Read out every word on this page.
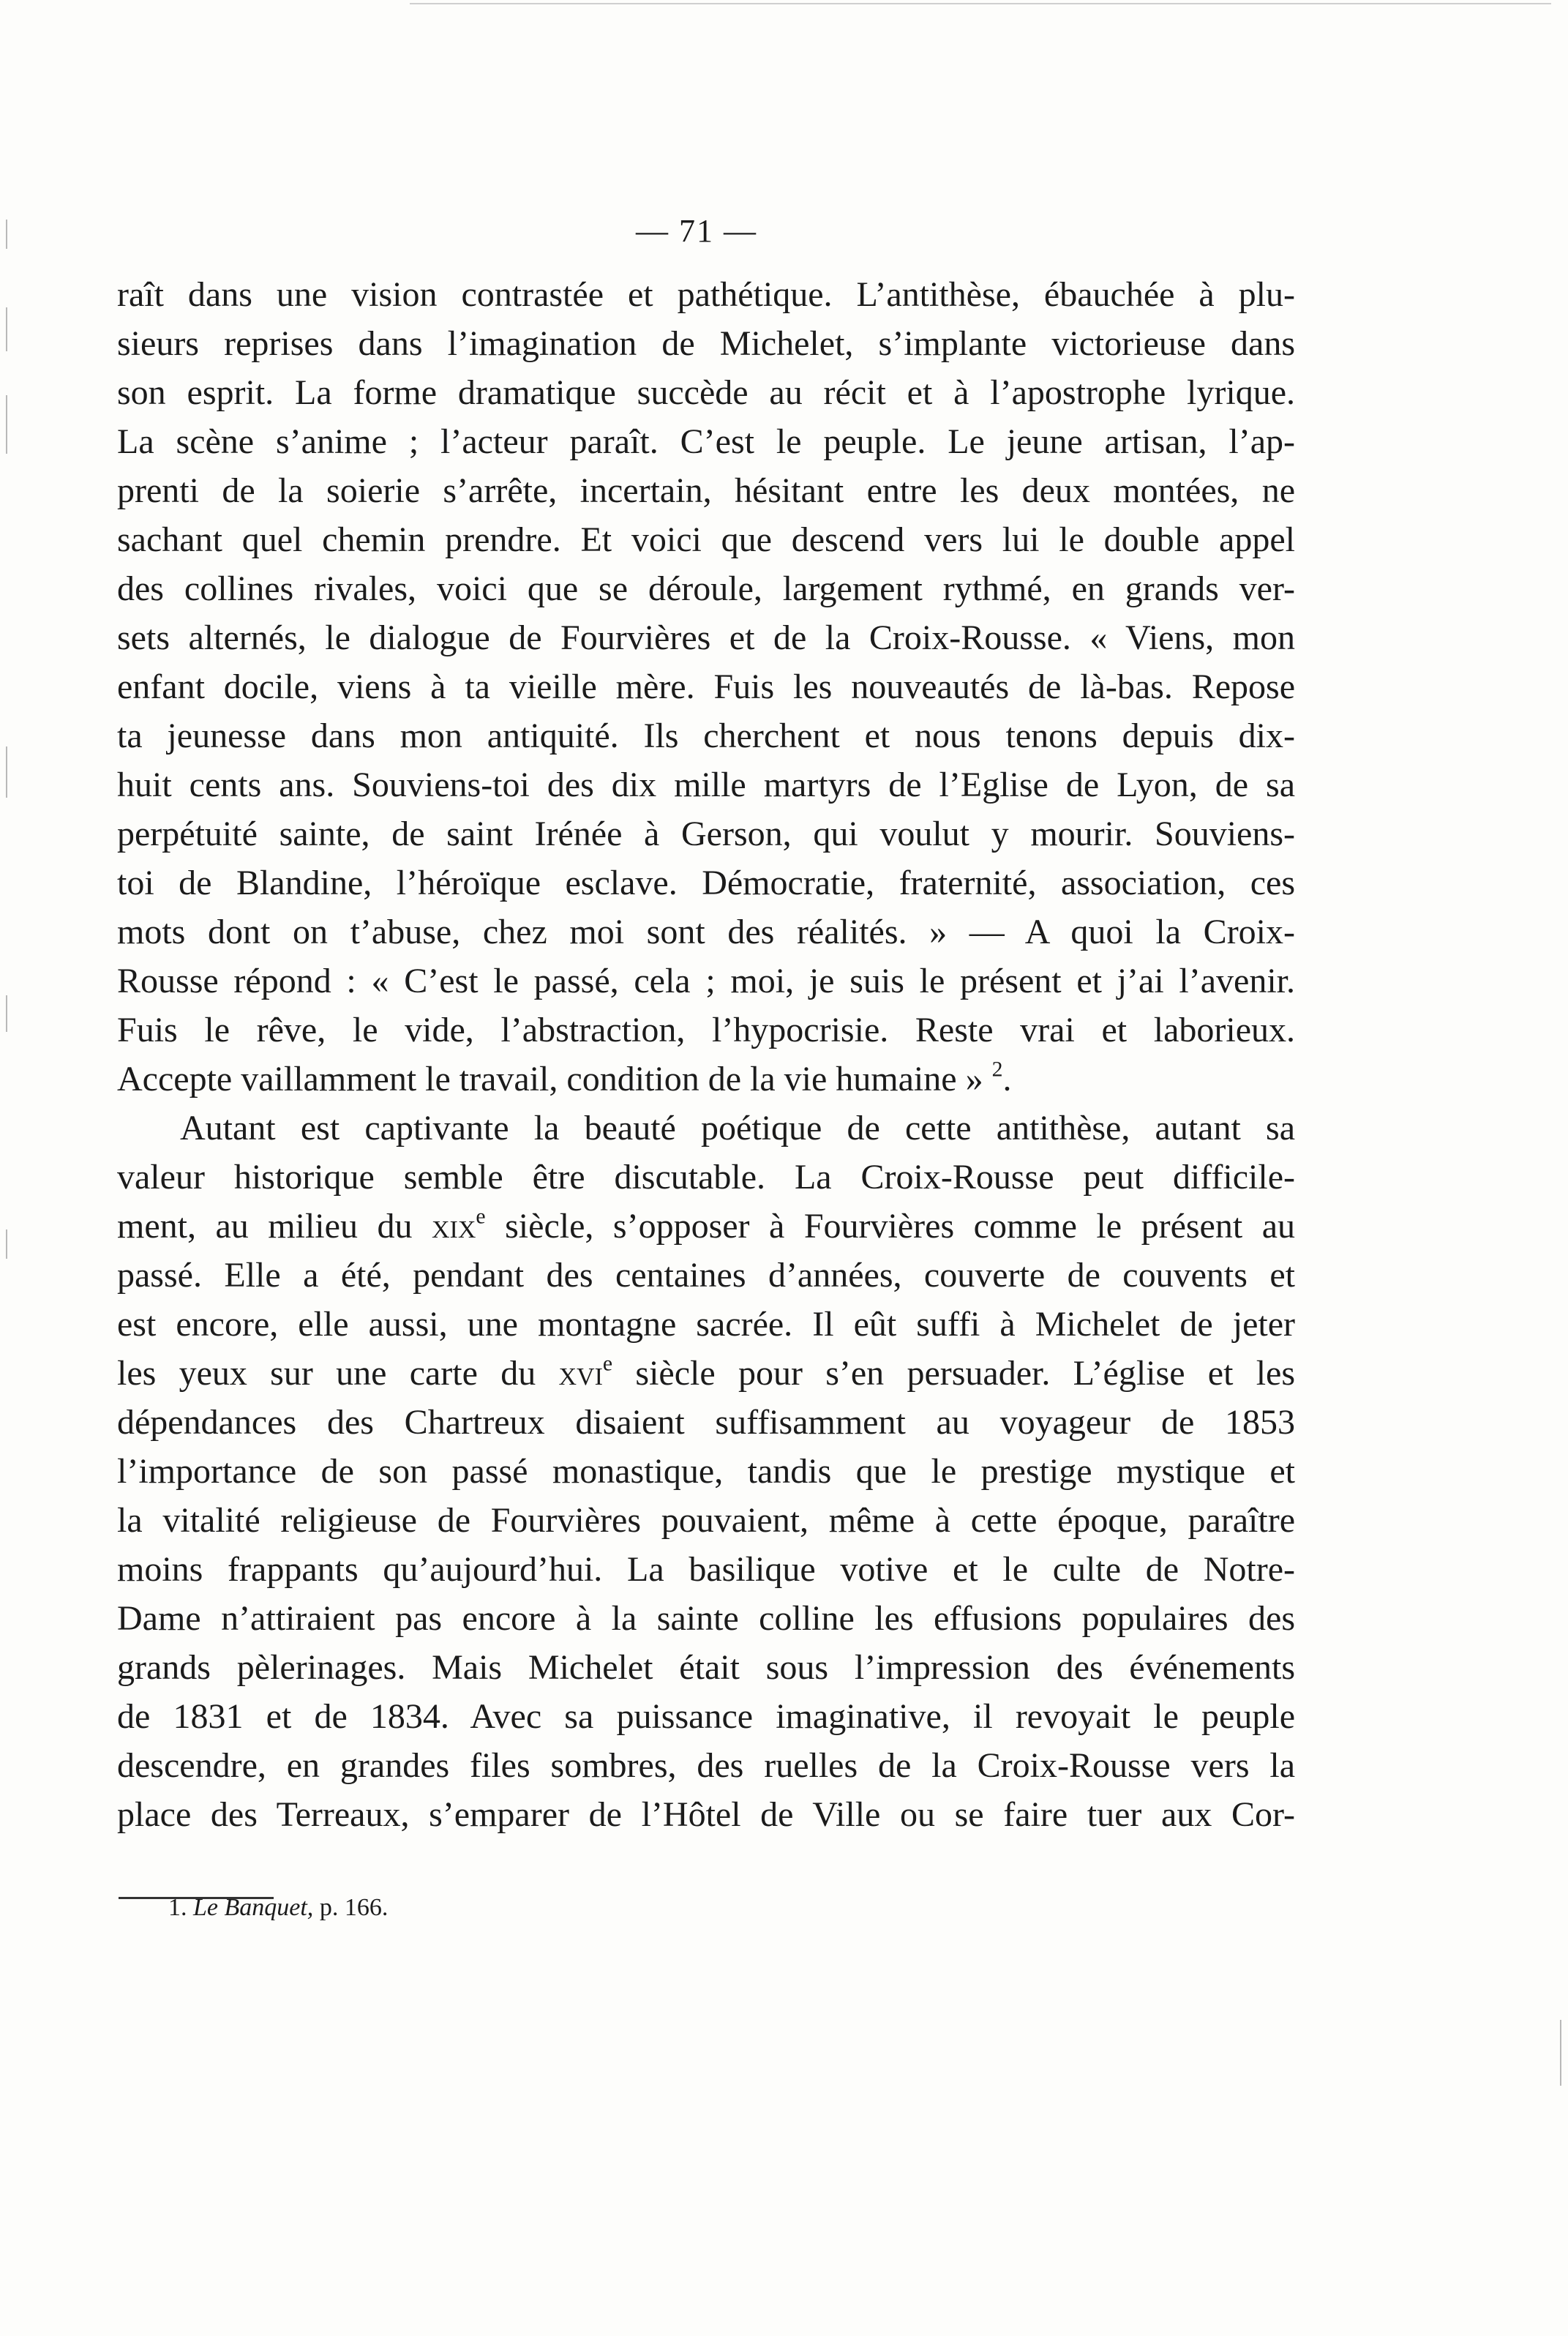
— 71 —
raît dans une vision contrastée et pathétique. L’antithèse, ébauchée à plu-
sieurs reprises dans l’imagination de Michelet, s’implante victorieuse dans
son esprit. La forme dramatique succède au récit et à l’apostrophe lyrique.
La scène s’anime ; l’acteur paraît. C’est le peuple. Le jeune artisan, l’ap-
prenti de la soierie s’arrête, incertain, hésitant entre les deux montées, ne
sachant quel chemin prendre. Et voici que descend vers lui le double appel
des collines rivales, voici que se déroule, largement rythmé, en grands ver-
sets alternés, le dialogue de Fourvières et de la Croix-Rousse. « Viens, mon
enfant docile, viens à ta vieille mère. Fuis les nouveautés de là-bas. Repose
ta jeunesse dans mon antiquité. Ils cherchent et nous tenons depuis dix-
huit cents ans. Souviens-toi des dix mille martyrs de l’Eglise de Lyon, de sa
perpétuité sainte, de saint Irénée à Gerson, qui voulut y mourir. Souviens-
toi de Blandine, l’héroïque esclave. Démocratie, fraternité, association, ces
mots dont on t’abuse, chez moi sont des réalités. » — A quoi la Croix-
Rousse répond : « C’est le passé, cela ; moi, je suis le présent et j’ai l’avenir.
Fuis le rêve, le vide, l’abstraction, l’hypocrisie. Reste vrai et laborieux.
Accepte vaillamment le travail, condition de la vie humaine » $^2$.
Autant est captivante la beauté poétique de cette antithèse, autant sa
valeur historique semble être discutable. La Croix-Rousse peut difficile-
ment, au milieu du xix$^e$ siècle, s’opposer à Fourvières comme le présent au
passé. Elle a été, pendant des centaines d’années, couverte de couvents et
est encore, elle aussi, une montagne sacrée. Il eût suffi à Michelet de jeter
les yeux sur une carte du xvi$^e$ siècle pour s’en persuader. L’église et les
dépendances des Chartreux disaient suffisamment au voyageur de 1853
l’importance de son passé monastique, tandis que le prestige mystique et
la vitalité religieuse de Fourvières pouvaient, même à cette époque, paraître
moins frappants qu’aujourd’hui. La basilique votive et le culte de Notre-
Dame n’attiraient pas encore à la sainte colline les effusions populaires des
grands pèlerinages. Mais Michelet était sous l’impression des événements
de 1831 et de 1834. Avec sa puissance imaginative, il revoyait le peuple
descendre, en grandes files sombres, des ruelles de la Croix-Rousse vers la
place des Terreaux, s’emparer de l’Hôtel de Ville ou se faire tuer aux Cor-
1. Le Banquet, p. 166.
